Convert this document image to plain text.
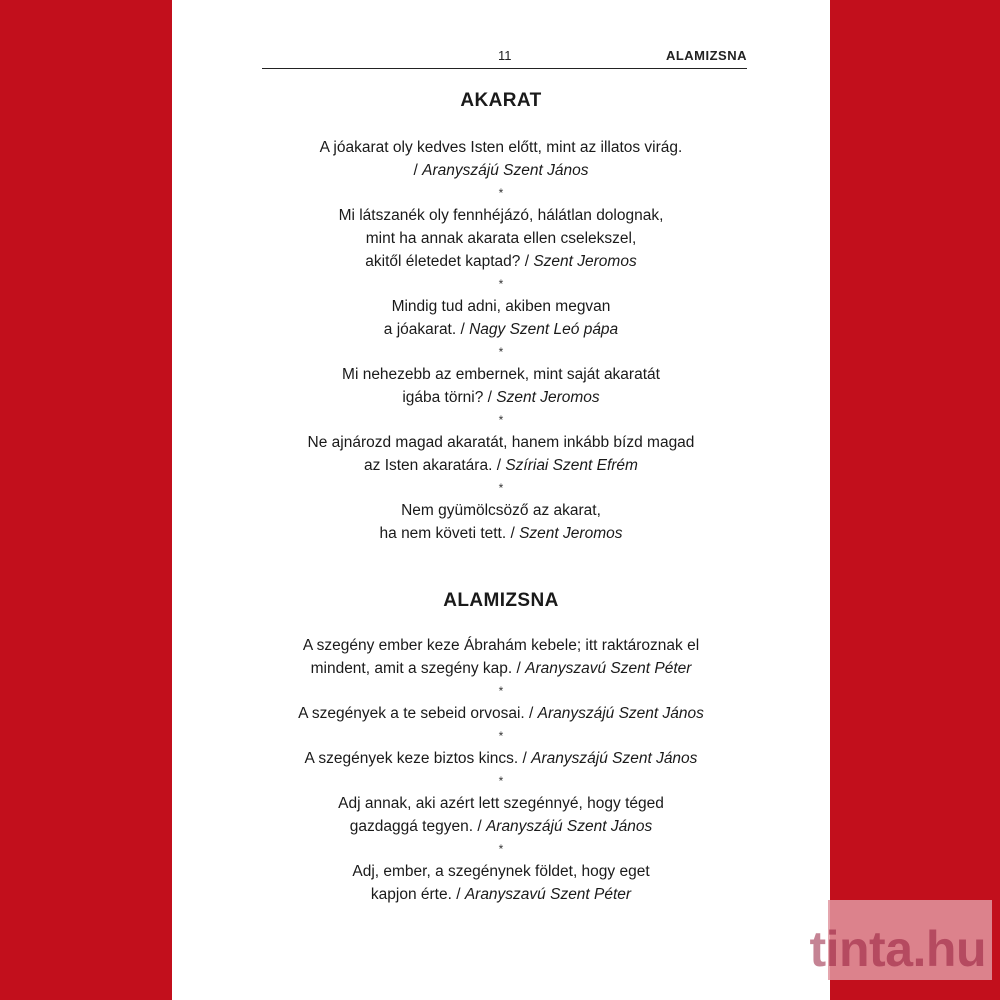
11	ALAMIZSNA
AKARAT
A jóakarat oly kedves Isten előtt, mint az illatos virág.
/ Aranyszájú Szent János
*
Mi látszanék oly fennhéjázó, hálátlan dolognak,
mint ha annak akarata ellen cselekszel,
akitől életedet kaptad? / Szent Jeromos
*
Mindig tud adni, akiben megvan
a jóakarat. / Nagy Szent Leó pápa
*
Mi nehezebb az embernek, mint saját akaratát
igába törni? / Szent Jeromos
*
Ne ajnározd magad akaratát, hanem inkább bízd magad
az Isten akaratára. / Szíriai Szent Efrém
*
Nem gyümölcsöző az akarat,
ha nem követi tett. / Szent Jeromos
ALAMIZSNA
A szegény ember keze Ábrahám kebele; itt raktároznak el
mindent, amit a szegény kap. / Aranyszavú Szent Péter
*
A szegények a te sebeid orvosai. / Aranyszájú Szent János
*
A szegények keze biztos kincs. / Aranyszájú Szent János
*
Adj annak, aki azért lett szegénnyé, hogy téged
gazdaggá tegyen. / Aranyszájú Szent János
*
Adj, ember, a szegénynek földet, hogy eget
kapjon érte. / Aranyszavú Szent Péter
tinta.hu
